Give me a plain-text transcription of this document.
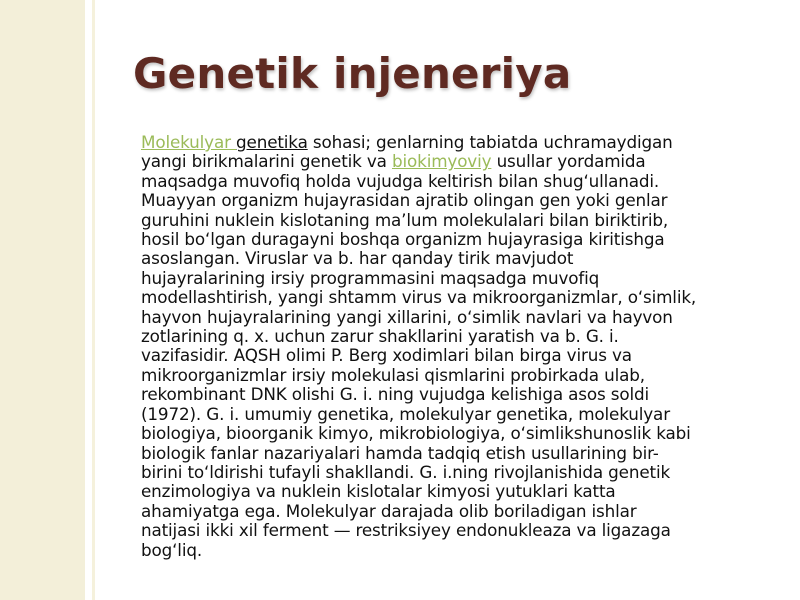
Genetik injeneriya

Molekulyar genetika sohasi; genlarning tabiatda uchramaydigan
yangi birikmalarini genetik va biokimyoviy usullar yordamida
maqsadga muvofiq holda vujudga keltirish bilan shug‘ullanadi.
Muayyan organizm hujayrasidan ajratib olingan gen yoki genlar
guruhini nuklein kislotaning ma’lum molekulalari bilan biriktirib,
hosil bo‘lgan duragayni boshqa organizm hujayrasiga kiritishga
asoslangan. Viruslar va b. har qanday tirik mavjudot
hujayralarining irsiy programmasini maqsadga muvofiq
modellashtirish, yangi shtamm virus va mikroorganizmlar, o‘simlik,
hayvon hujayralarining yangi xillarini, o‘simlik navlari va hayvon
zotlarining q. x. uchun zarur shakllarini yaratish va b. G. i.
vazifasidir. AQSH olimi P. Berg xodimlari bilan birga virus va
mikroorganizmlar irsiy molekulasi qismlarini probirkada ulab,
rekombinant DNK olishi G. i. ning vujudga kelishiga asos soldi
(1972). G. i. umumiy genetika, molekulyar genetika, molekulyar
biologiya, bioorganik kimyo, mikrobiologiya, o‘simlikshunoslik kabi
biologik fanlar nazariyalari hamda tadqiq etish usullarining bir-
birini to‘ldirishi tufayli shakllandi. G. i.ning rivojlanishida genetik
enzimologiya va nuklein kislotalar kimyosi yutuklari katta
ahamiyatga ega. Molekulyar darajada olib boriladigan ishlar
natijasi ikki xil ferment — restriksiyey endonukleaza va ligazaga
bog‘liq.
